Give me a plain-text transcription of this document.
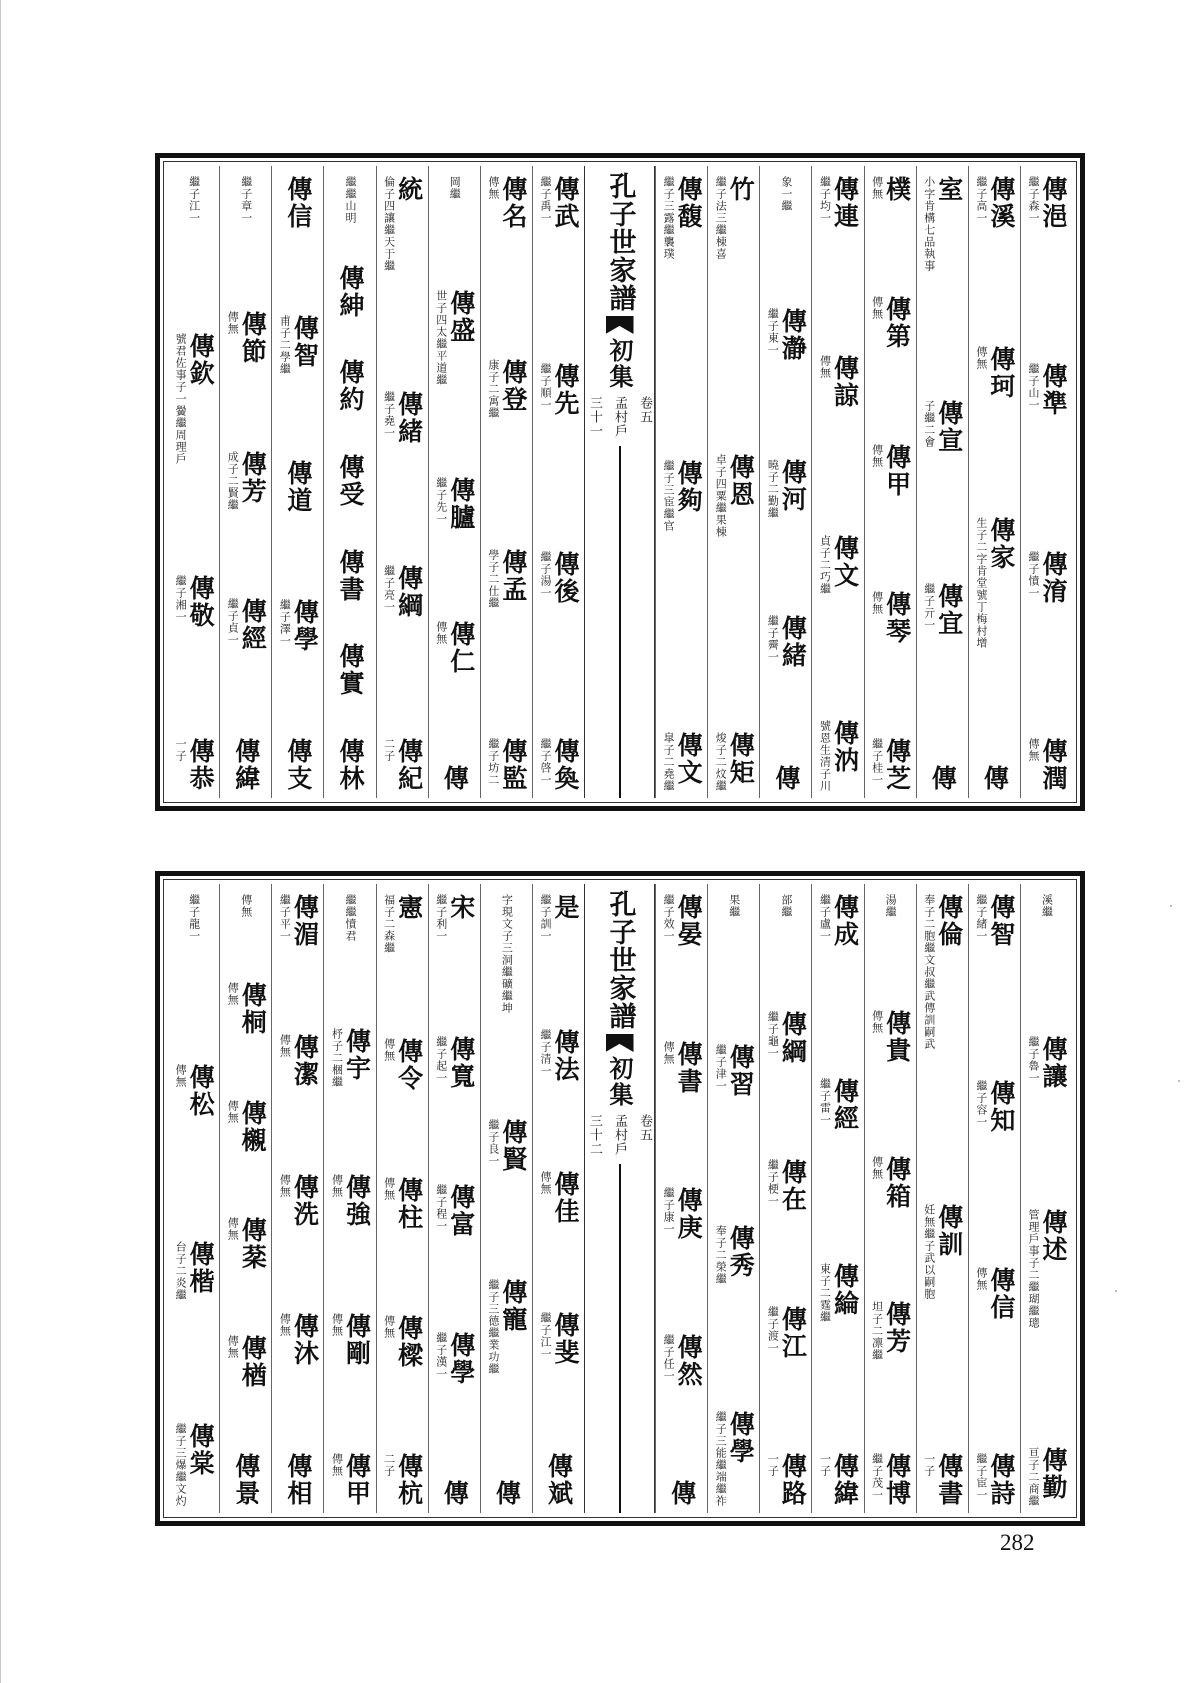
傳浥
繼子森一
傳準
繼子山一
傳淯
繼子憤一
傳潤
傳無
傳溪
繼子高一
傳珂
傳無
傳家
生子二字肯堂號丁梅村增
傳
室
小字肯構七品執事
傳宣
子繼二會
傳宜
繼子亓一
傳
樸
傳無
傳第
傳無
傳甲
傳無
傳琴
傳無
傳芝
繼子桂一
傳連
繼子均一
傳諒
傳無
傳文
貞子二巧繼
傳汭
號恩生清子川
象一繼
傳瀞
繼子東一
傳河
曉子二勤繼
傳緒
繼子霽一
傳
竹
繼子法三繼棟喜
傳恩
卓子四粟繼果棟
傳矩
焌子二炆繼
傳馥
繼子三露繼襲璞
傳夠
繼子三宦繼官
傳文
皐子二堯繼
孔子世家譜
初集
卷五
孟村戶
三十一
傳武
繼子禹一
傳先
繼子順一
傳後
繼子湯一
傳奐
繼子啓一
傳名
傳無
傳登
康子二寓繼
傳孟
學子二仕繼
傳監
繼子坊二
岡繼
傳盛
世子四太繼平道繼
傳臚
繼子先一
傳仁
傳無
傳
統
倫子四讓繼天于繼
傳緒
繼子堯一
傳綱
繼子亮一
傳紀
二子
繼繼山明
傳紳
傳約
傳受
傳書
傳實
傳林
傳信
傳智
甫子二學繼
傳道
傳學
繼子澤一
傳支
繼子章一
傳節
傳無
傳芳
成子二賢繼
傳經
繼子貞一
傳緯
繼子江一
傳欽
號君佐事子一黌繼周理戶
傳敬
繼子湘一
傳恭
一子
溪繼
傳讓
繼子魯一
傳述
管理戶事子二繼瑚繼璁
傳勤
亘子二商繼
傳智
繼子緒一
傳知
繼子容一
傳信
傳無
傳詩
繼子宦一
傳倫
奉子二胞繼文叔繼武傳訓嗣武
傳訓
妊無繼子武以嗣胞
傳書
一子
湯繼
傳貴
傳無
傳箱
傳無
傳芳
坦子二凛繼
傳博
繼子茂一
傳成
繼子盧一
傳經
繼子雷一
傳綸
東子二霆繼
傳緯
一子
部繼
傳綱
繼子龜一
傳在
繼子梗一
傳江
繼子渡一
傳路
一子
果繼
傳習
繼子津一
傳秀
奉子二榮繼
傳學
繼子三能繼端繼祚
傳晏
繼子效一
傳書
傳無
傳庚
繼子康一
傳然
繼子任一
傳
孔子世家譜
初集
卷五
孟村戶
三十二
是
繼子訓一
傳法
繼子清一
傳佳
傳無
傳斐
繼子江一
傳斌
字現文子三洞繼礦繼坤
傳賢
繼子良一
傳寵
繼子三德繼業功繼
傳
宋
繼子利一
傳寬
繼子起一
傳富
繼子程一
傳學
繼子漢一
傳
憲
福子二森繼
傳令
傳無
傳柱
傳無
傳樑
傳無
傳杭
二子
繼繼憤君
傳宇
杼子二梱繼
傳強
傳無
傳剛
傳無
傳甲
傳無
傳湄
繼子平一
傳潔
傳無
傳洗
傳無
傳沐
傳無
傳相
傳無
傳桐
傳無
傳櫬
傳無
傳棻
傳無
傳楢
傳無
傳景
繼子龍一
傳松
傳無
傳楷
台子二炎繼
傳棠
繼子三爆繼文灼
282
